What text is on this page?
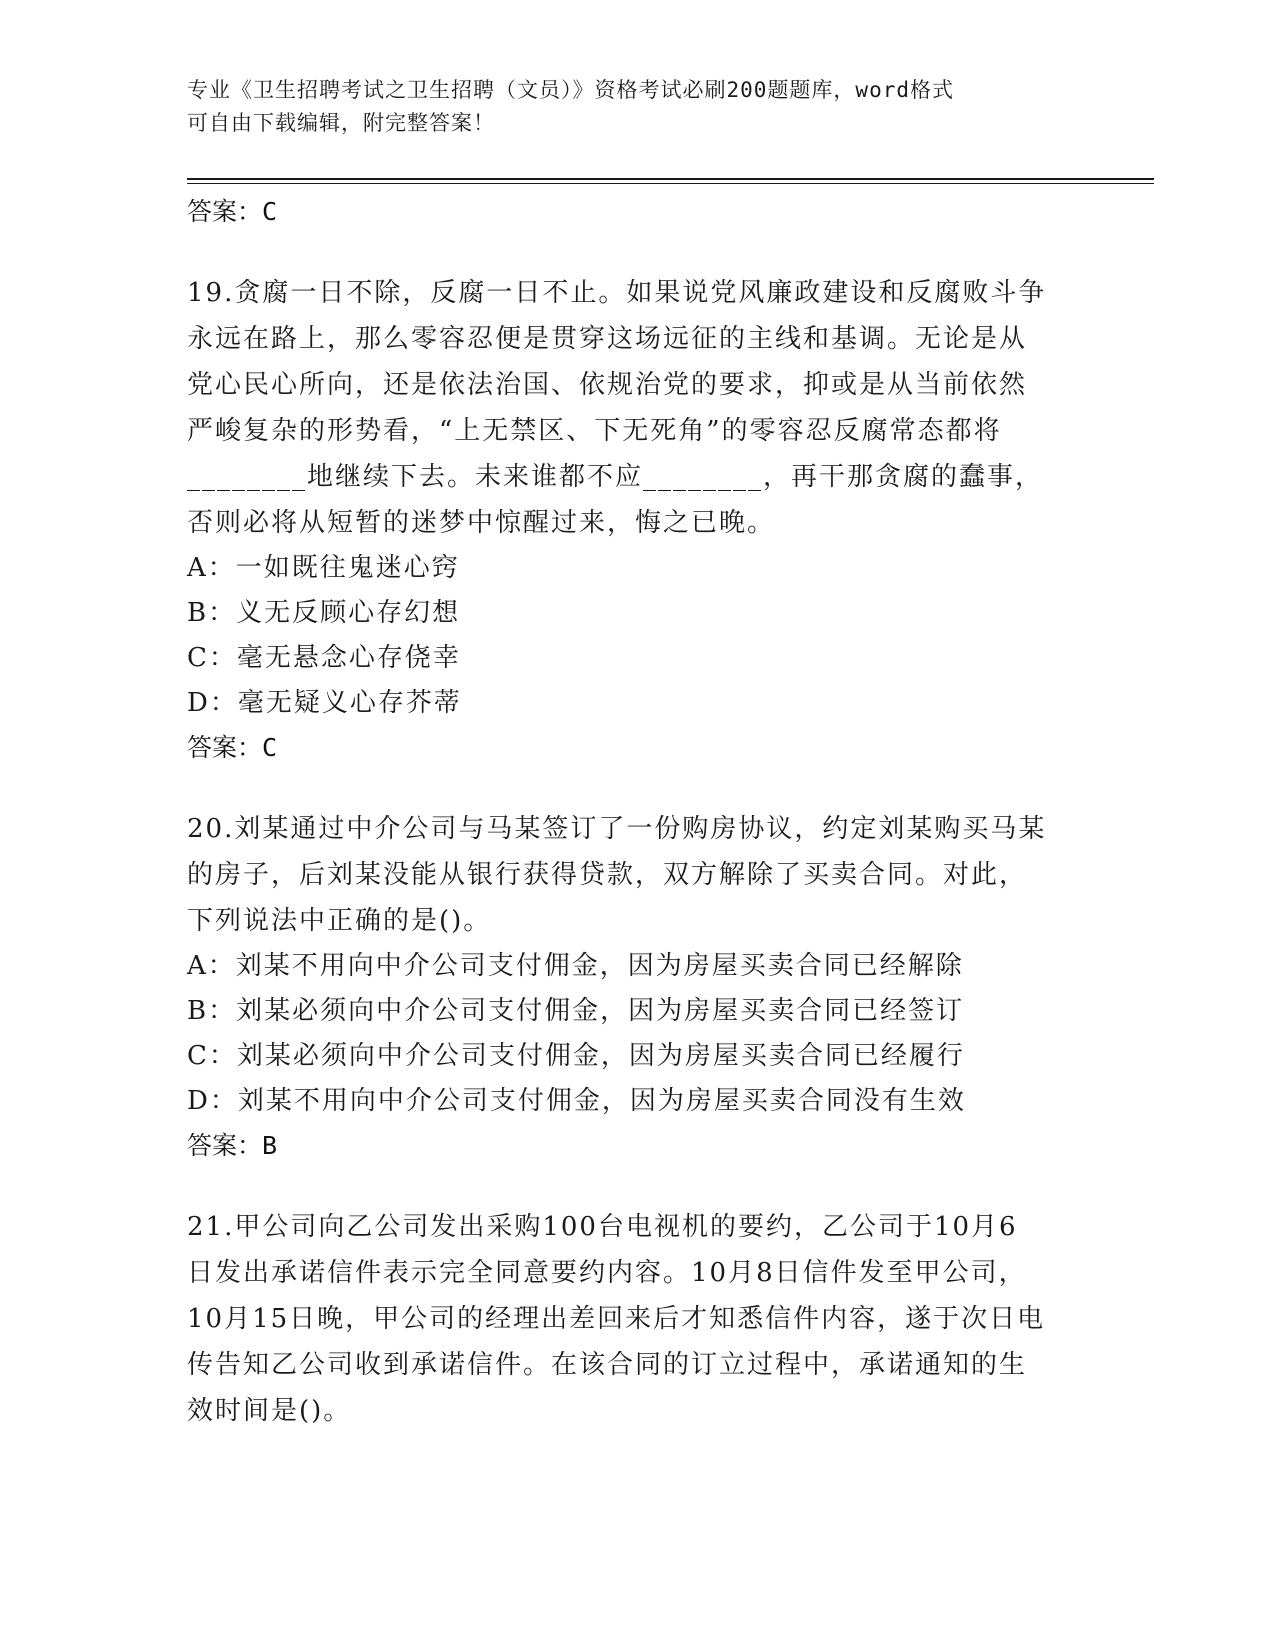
专业《卫生招聘考试之卫生招聘（文员）》资格考试必刷200题题库，word格式
可自由下载编辑，附完整答案！
答案：C
19.贪腐一日不除，反腐一日不止。如果说党风廉政建设和反腐败斗争
永远在路上，那么零容忍便是贯穿这场远征的主线和基调。无论是从
党心民心所向，还是依法治国、依规治党的要求，抑或是从当前依然
严峻复杂的形势看，“上无禁区、下无死角”的零容忍反腐常态都将
________地继续下去。未来谁都不应________，再干那贪腐的蠢事，
否则必将从短暂的迷梦中惊醒过来，悔之已晚。
A：一如既往鬼迷心窍
B：义无反顾心存幻想
C：毫无悬念心存侥幸
D：毫无疑义心存芥蒂
答案：C
20.刘某通过中介公司与马某签订了一份购房协议，约定刘某购买马某
的房子，后刘某没能从银行获得贷款，双方解除了买卖合同。对此，
下列说法中正确的是()。
A：刘某不用向中介公司支付佣金，因为房屋买卖合同已经解除
B：刘某必须向中介公司支付佣金，因为房屋买卖合同已经签订
C：刘某必须向中介公司支付佣金，因为房屋买卖合同已经履行
D：刘某不用向中介公司支付佣金，因为房屋买卖合同没有生效
答案：B
21.甲公司向乙公司发出采购100台电视机的要约，乙公司于10月6
日发出承诺信件表示完全同意要约内容。10月8日信件发至甲公司，
10月15日晚，甲公司的经理出差回来后才知悉信件内容，遂于次日电
传告知乙公司收到承诺信件。在该合同的订立过程中，承诺通知的生
效时间是()。
